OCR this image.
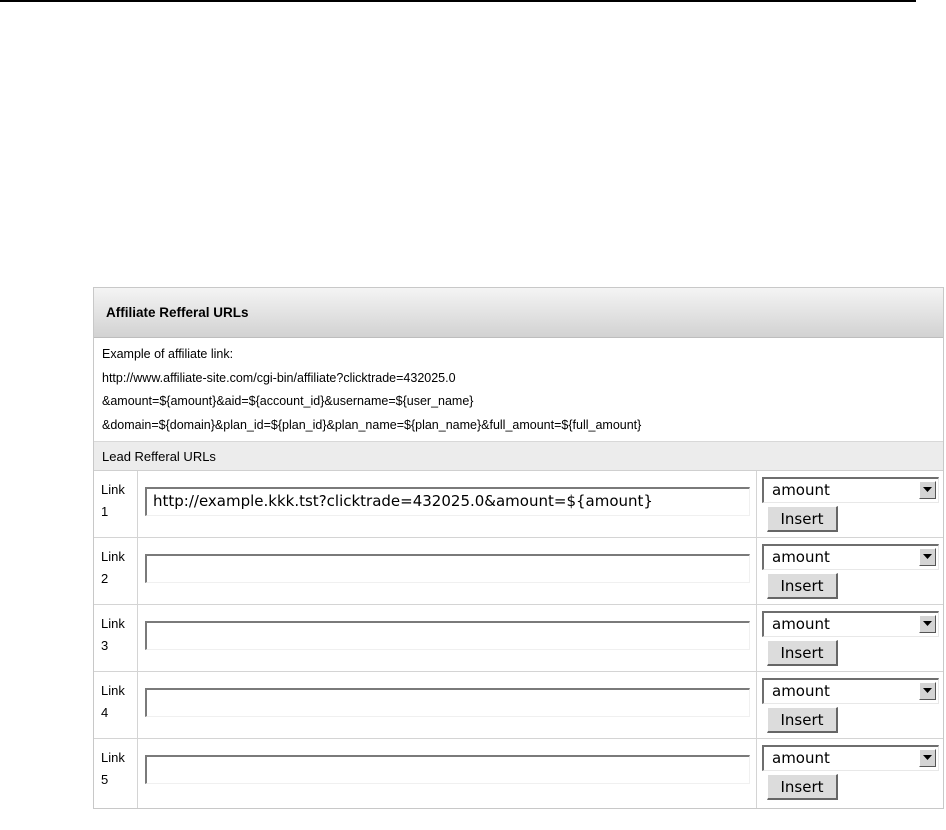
Affiliate Refferal URLs
Example of affiliate link:
http://www.affiliate-site.com/cgi-bin/affiliate?clicktrade=432025.0
&amount=${amount}&aid=${account_id}&username=${user_name}
&domain=${domain}&plan_id=${plan_id}&plan_name=${plan_name}&full_amount=${full_amount}
Lead Refferal URLs
Link
1
http://example.kkk.tst?clicktrade=432025.0&amount=${amount}
amount
Insert
Link
2
amount
Insert
Link
3
amount
Insert
Link
4
amount
Insert
Link
5
amount
Insert
